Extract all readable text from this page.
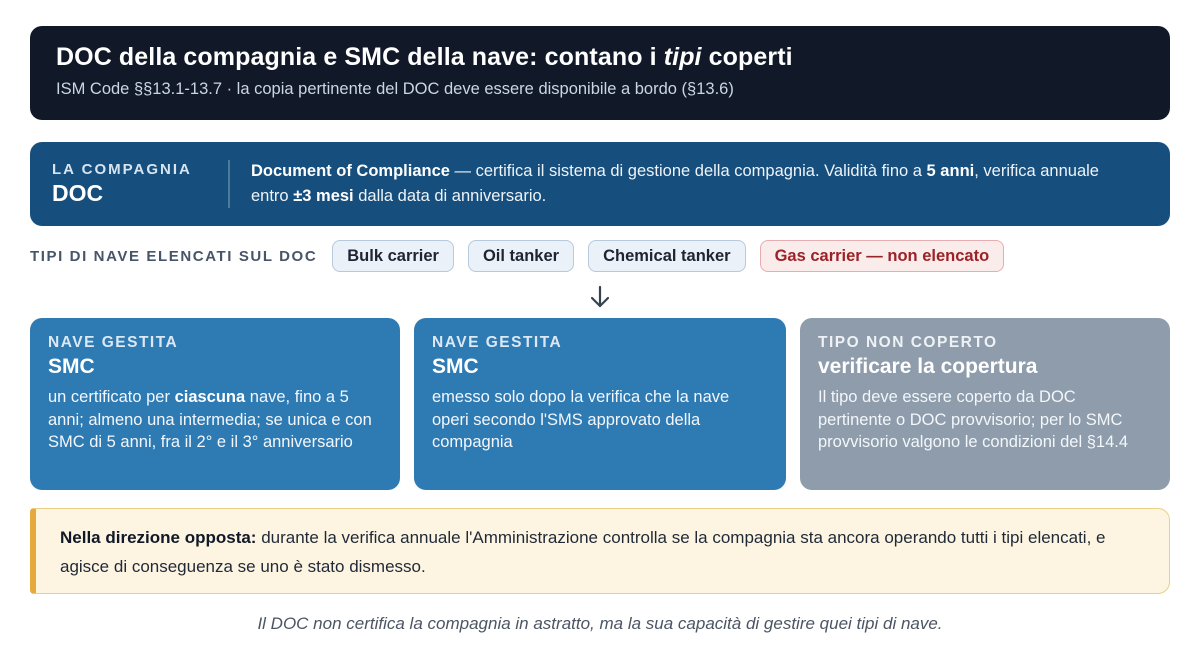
DOC della compagnia e SMC della nave: contano i tipi coperti
ISM Code §§13.1-13.7 · la copia pertinente del DOC deve essere disponibile a bordo (§13.6)
LA COMPAGNIA
DOC
Document of Compliance — certifica il sistema di gestione della compagnia. Validità fino a 5 anni, verifica annuale entro ±3 mesi dalla data di anniversario.
TIPI DI NAVE ELENCATI SUL DOC	Bulk carrier	Oil tanker	Chemical tanker	Gas carrier — non elencato
NAVE GESTITA
SMC
un certificato per ciascuna nave, fino a 5 anni; almeno una intermedia; se unica e con SMC di 5 anni, fra il 2° e il 3° anniversario
NAVE GESTITA
SMC
emesso solo dopo la verifica che la nave operi secondo l'SMS approvato della compagnia
TIPO NON COPERTO
verificare la copertura
Il tipo deve essere coperto da DOC pertinente o DOC provvisorio; per lo SMC provvisorio valgono le condizioni del §14.4
Nella direzione opposta: durante la verifica annuale l'Amministrazione controlla se la compagnia sta ancora operando tutti i tipi elencati, e agisce di conseguenza se uno è stato dismesso.
Il DOC non certifica la compagnia in astratto, ma la sua capacità di gestire quei tipi di nave.
